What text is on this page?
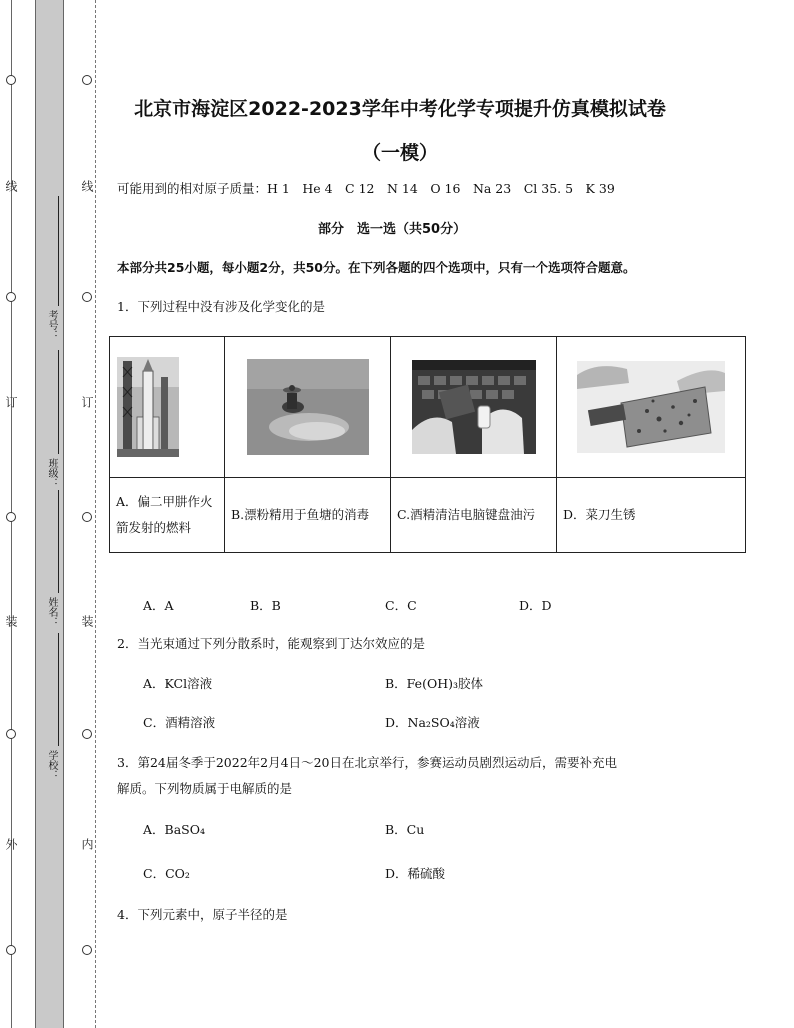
线
订
装
外
线
订
装
内
考号：
班级：
姓名：
学校：
北京市海淀区2022-2023学年中考化学专项提升仿真模拟试卷
（一模）
可能用到的相对原子质量：H 1　He 4　C 12　N 14　O 16　Na 23　Cl 35. 5　K 39
部分　选一选（共50分）
本部分共25小题，每小题2分，共50分。在下列各题的四个选项中，只有一个选项符合题意。
1．下列过程中没有涉及化学变化的是

A．偏二甲肼作火箭发射的燃料	B.漂粉精用于鱼塘的消毒	C.酒精清洁电脑键盘油污	D．菜刀生锈
A．A	B．B	C．C	D．D
2．当光束通过下列分散系时，能观察到丁达尔效应的是
A．KCl溶液	B．Fe(OH)₃胶体
C．酒精溶液	D．Na₂SO₄溶液
3．第24届冬季于2022年2月4日～20日在北京举行，参赛运动员剧烈运动后，需要补充电
解质。下列物质属于电解质的是
A．BaSO₄	B．Cu
C．CO₂	D．稀硫酸
4．下列元素中，原子半径的是
